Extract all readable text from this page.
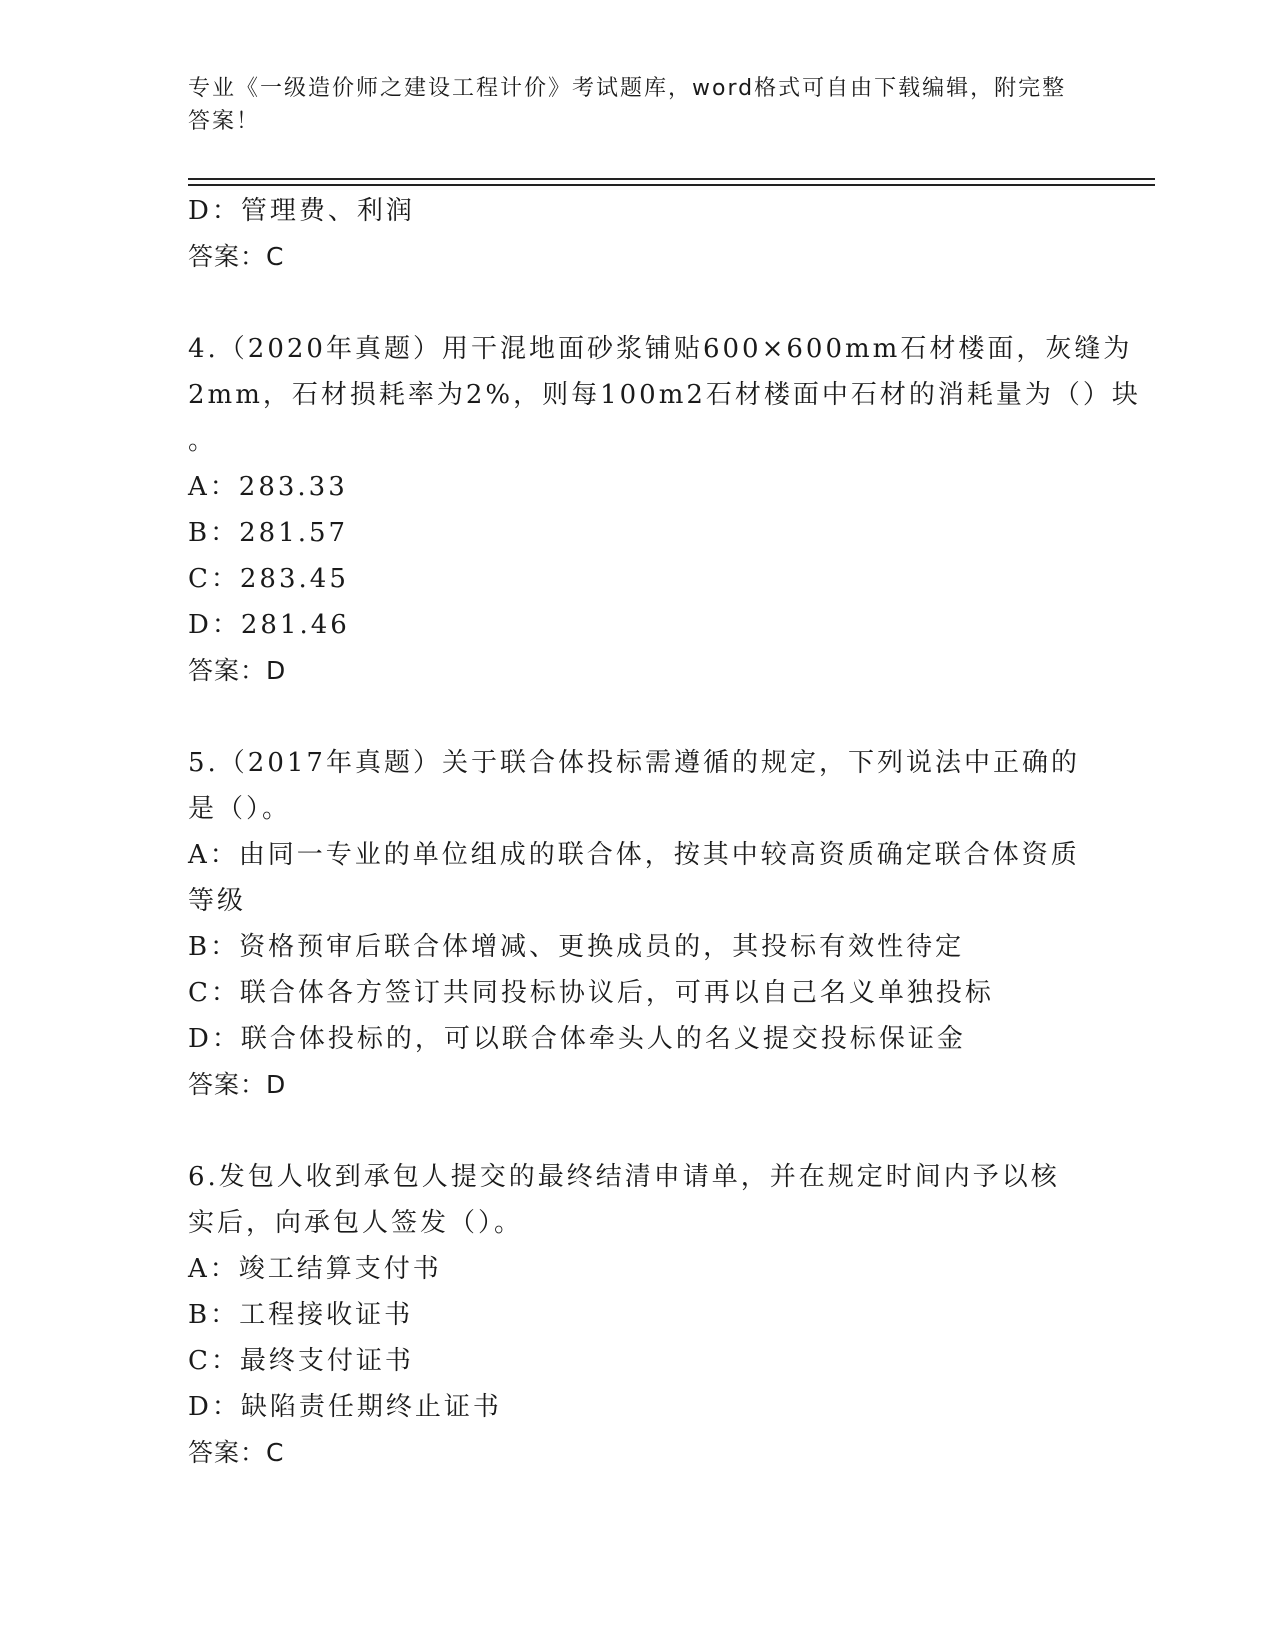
专业《一级造价师之建设工程计价》考试题库，word格式可自由下载编辑，附完整答案！
D：管理费、利润
答案：C
4.（2020年真题）用干混地面砂浆铺贴600×600mm石材楼面，灰缝为
2mm，石材损耗率为2%，则每100m2石材楼面中石材的消耗量为（）块
。
A：283.33
B：281.57
C：283.45
D：281.46
答案：D
5.（2017年真题）关于联合体投标需遵循的规定，下列说法中正确的
是（）。
A：由同一专业的单位组成的联合体，按其中较高资质确定联合体资质
等级
B：资格预审后联合体增减、更换成员的，其投标有效性待定
C：联合体各方签订共同投标协议后，可再以自己名义单独投标
D：联合体投标的，可以联合体牵头人的名义提交投标保证金
答案：D
6.发包人收到承包人提交的最终结清申请单，并在规定时间内予以核
实后，向承包人签发（）。
A：竣工结算支付书
B：工程接收证书
C：最终支付证书
D：缺陷责任期终止证书
答案：C
